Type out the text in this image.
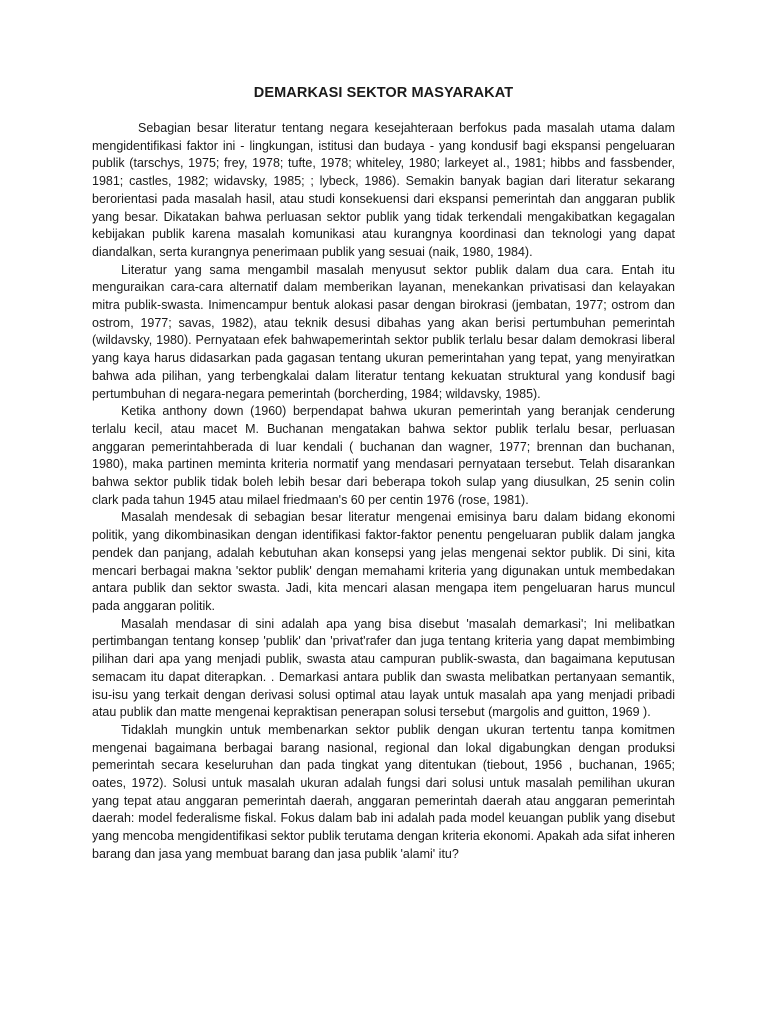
DEMARKASI SEKTOR MASYARAKAT

Sebagian besar literatur tentang negara kesejahteraan berfokus pada masalah utama dalam mengidentifikasi faktor ini - lingkungan, istitusi dan budaya - yang kondusif bagi ekspansi pengeluaran publik (tarschys, 1975; frey, 1978; tufte, 1978; whiteley, 1980; larkeyet al., 1981; hibbs and fassbender, 1981; castles, 1982; widavsky, 1985; ; lybeck, 1986). Semakin banyak bagian dari literatur sekarang berorientasi pada masalah hasil, atau studi konsekuensi dari ekspansi pemerintah dan anggaran publik yang besar. Dikatakan bahwa perluasan sektor publik yang tidak terkendali mengakibatkan kegagalan kebijakan publik karena masalah komunikasi atau kurangnya koordinasi dan teknologi yang dapat diandalkan, serta kurangnya penerimaan publik yang sesuai (naik, 1980, 1984).

Literatur yang sama mengambil masalah menyusut sektor publik dalam dua cara. Entah itu menguraikan cara-cara alternatif dalam memberikan layanan, menekankan privatisasi dan kelayakan mitra publik-swasta. Inimencampur bentuk alokasi pasar dengan birokrasi (jembatan, 1977; ostrom dan ostrom, 1977; savas, 1982), atau teknik desusi dibahas yang akan berisi pertumbuhan pemerintah (wildavsky, 1980). Pernyataan efek bahwapemerintah sektor publik terlalu besar dalam demokrasi liberal yang kaya harus didasarkan pada gagasan tentang ukuran pemerintahan yang tepat, yang menyiratkan bahwa ada pilihan, yang terbengkalai dalam literatur tentang kekuatan struktural yang kondusif bagi pertumbuhan di negara-negara pemerintah (borcherding, 1984; wildavsky, 1985).

Ketika anthony down (1960) berpendapat bahwa ukuran pemerintah yang beranjak cenderung terlalu kecil, atau macet M. Buchanan mengatakan bahwa sektor publik terlalu besar, perluasan anggaran pemerintahberada di luar kendali ( buchanan dan wagner, 1977; brennan dan buchanan, 1980), maka partinen meminta kriteria normatif yang mendasari pernyataan tersebut. Telah disarankan bahwa sektor publik tidak boleh lebih besar dari beberapa tokoh sulap yang diusulkan, 25 senin colin clark pada tahun 1945 atau milael friedmaan's 60 per centin 1976 (rose, 1981).

Masalah mendesak di sebagian besar literatur mengenai emisinya baru dalam bidang ekonomi politik, yang dikombinasikan dengan identifikasi faktor-faktor penentu pengeluaran publik dalam jangka pendek dan panjang, adalah kebutuhan akan konsepsi yang jelas mengenai sektor publik. Di sini, kita mencari berbagai makna 'sektor publik' dengan memahami kriteria yang digunakan untuk membedakan antara publik dan sektor swasta. Jadi, kita mencari alasan mengapa item pengeluaran harus muncul pada anggaran politik.

Masalah mendasar di sini adalah apa yang bisa disebut 'masalah demarkasi'; Ini melibatkan pertimbangan tentang konsep 'publik' dan 'privat'rafer dan juga tentang kriteria yang dapat membimbing pilihan dari apa yang menjadi publik, swasta atau campuran publik-swasta, dan bagaimana keputusan semacam itu dapat diterapkan. . Demarkasi antara publik dan swasta melibatkan pertanyaan semantik, isu-isu yang terkait dengan derivasi solusi optimal atau layak untuk masalah apa yang menjadi pribadi atau publik dan matte mengenai kepraktisan penerapan solusi tersebut (margolis and guitton, 1969 ).

Tidaklah mungkin untuk membenarkan sektor publik dengan ukuran tertentu tanpa komitmen mengenai bagaimana berbagai barang nasional, regional dan lokal digabungkan dengan produksi pemerintah secara keseluruhan dan pada tingkat yang ditentukan (tiebout, 1956 , buchanan, 1965; oates, 1972). Solusi untuk masalah ukuran adalah fungsi dari solusi untuk masalah pemilihan ukuran yang tepat atau anggaran pemerintah daerah, anggaran pemerintah daerah atau anggaran pemerintah daerah: model federalisme fiskal. Fokus dalam bab ini adalah pada model keuangan publik yang disebut yang mencoba mengidentifikasi sektor publik terutama dengan kriteria ekonomi. Apakah ada sifat inheren barang dan jasa yang membuat barang dan jasa publik 'alami' itu?
